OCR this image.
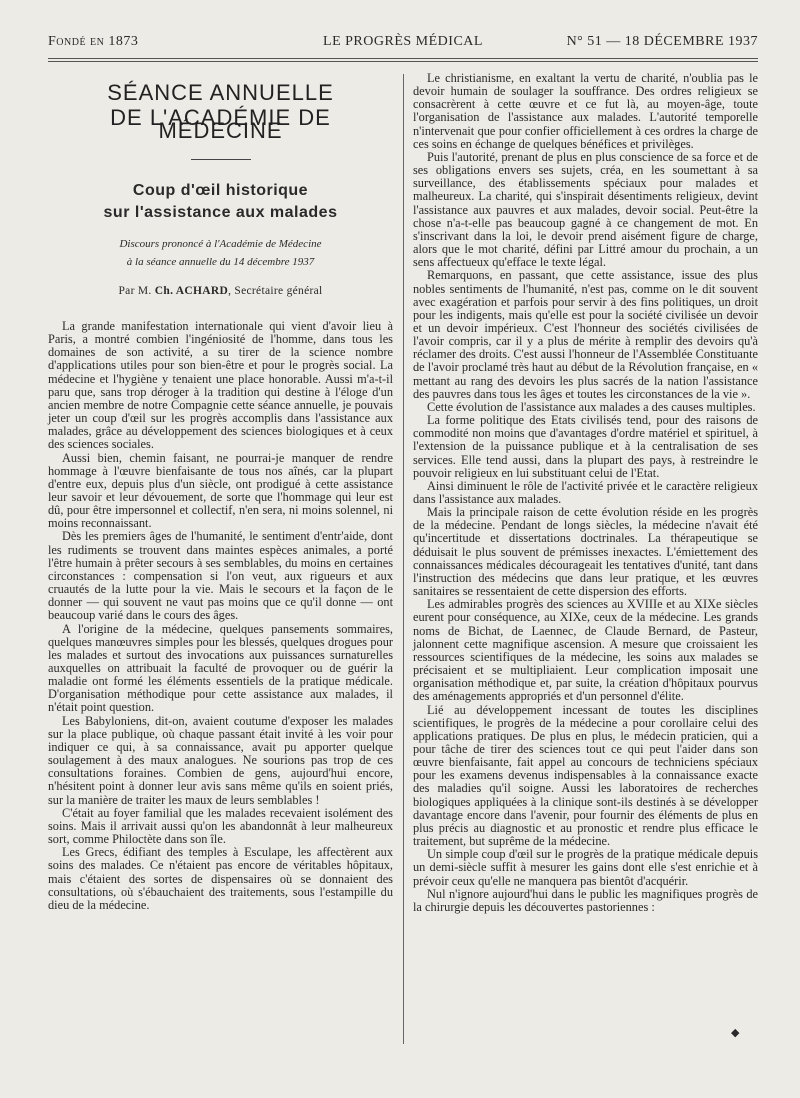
Fondé en 1873	LE PROGRÈS MÉDICAL	N° 51 — 18 DÉCEMBRE 1937
SÉANCE ANNUELLE
DE L'ACADÉMIE DE MÉDECINE
Coup d'œil historique
sur l'assistance aux malades
Discours prononcé à l'Académie de Médecine
à la séance annuelle du 14 décembre 1937
Par M. Ch. ACHARD, Secrétaire général

La grande manifestation internationale qui vient d'avoir lieu à Paris, a montré combien l'ingéniosité de l'homme, dans tous les domaines de son activité, a su tirer de la science nombre d'applications utiles pour son bien-être et pour le progrès social. La médecine et l'hygiène y tenaient une place honorable. Aussi m'a-t-il paru que, sans trop déroger à la tradition qui destine à l'éloge d'un ancien membre de notre Compagnie cette séance annuelle, je pouvais jeter un coup d'œil sur les progrès accomplis dans l'assistance aux malades, grâce au développement des sciences biologiques et à ceux des sciences sociales.

Aussi bien, chemin faisant, ne pourrai-je manquer de rendre hommage à l'œuvre bienfaisante de tous nos aînés, car la plupart d'entre eux, depuis plus d'un siècle, ont prodigué à cette assistance leur savoir et leur dévouement, de sorte que l'hommage qui leur est dû, pour être impersonnel et collectif, n'en sera, ni moins solennel, ni moins reconnaissant.

Dès les premiers âges de l'humanité, le sentiment d'entr'aide, dont les rudiments se trouvent dans maintes espèces animales, a porté l'être humain à prêter secours à ses semblables, du moins en certaines circonstances : compensation si l'on veut, aux rigueurs et aux cruautés de la lutte pour la vie. Mais le secours et la façon de le donner — qui souvent ne vaut pas moins que ce qu'il donne — ont beaucoup varié dans le cours des âges.

A l'origine de la médecine, quelques pansements sommaires, quelques manœuvres simples pour les blessés, quelques drogues pour les malades et surtout des invocations aux puissances surnaturelles auxquelles on attribuait la faculté de provoquer ou de guérir la maladie ont formé les éléments essentiels de la pratique médicale. D'organisation méthodique pour cette assistance aux malades, il n'était point question.

Les Babyloniens, dit-on, avaient coutume d'exposer les malades sur la place publique, où chaque passant était invité à les voir pour indiquer ce qui, à sa connaissance, avait pu apporter quelque soulagement à des maux analogues. Ne sourions pas trop de ces consultations foraines. Combien de gens, aujourd'hui encore, n'hésitent point à donner leur avis sans même qu'ils en soient priés, sur la manière de traiter les maux de leurs semblables !

C'était au foyer familial que les malades recevaient isolément des soins. Mais il arrivait aussi qu'on les abandonnât à leur malheureux sort, comme Philoctète dans son île.

Les Grecs, édifiant des temples à Esculape, les affectèrent aux soins des malades. Ce n'étaient pas encore de véritables hôpitaux, mais c'étaient des sortes de dispensaires où se donnaient des consultations, où s'ébauchaient des traitements, sous l'estampille du dieu de la médecine.

Le christianisme, en exaltant la vertu de charité, n'oublia pas le devoir humain de soulager la souffrance. Des ordres religieux se consacrèrent à cette œuvre et ce fut là, au moyen-âge, toute l'organisation de l'assistance aux malades. L'autorité temporelle n'intervenait que pour confier officiellement à ces ordres la charge de ces soins en échange de quelques bénéfices et privilèges.

Puis l'autorité, prenant de plus en plus conscience de sa force et de ses obligations envers ses sujets, créa, en les soumettant à sa surveillance, des établissements spéciaux pour malades et malheureux. La charité, qui s'inspirait désentiments religieux, devint l'assistance aux pauvres et aux malades, devoir social. Peut-être la chose n'a-t-elle pas beaucoup gagné à ce changement de mot. En s'inscrivant dans la loi, le devoir prend aisément figure de charge, alors que le mot charité, défini par Littré amour du prochain, a un sens affectueux qu'efface le texte légal.

Remarquons, en passant, que cette assistance, issue des plus nobles sentiments de l'humanité, n'est pas, comme on le dit souvent avec exagération et parfois pour servir à des fins politiques, un droit pour les indigents, mais qu'elle est pour la société civilisée un devoir et un devoir impérieux. C'est l'honneur des sociétés civilisées de l'avoir compris, car il y a plus de mérite à remplir des devoirs qu'à réclamer des droits. C'est aussi l'honneur de l'Assemblée Constituante de l'avoir proclamé très haut au début de la Révolution française, en « mettant au rang des devoirs les plus sacrés de la nation l'assistance des pauvres dans tous les âges et toutes les circonstances de la vie ».

Cette évolution de l'assistance aux malades a des causes multiples.

La forme politique des Etats civilisés tend, pour des raisons de commodité non moins que d'avantages d'ordre matériel et spirituel, à l'extension de la puissance publique et à la centralisation de ses services. Elle tend aussi, dans la plupart des pays, à restreindre le pouvoir religieux en lui substituant celui de l'Etat.

Ainsi diminuent le rôle de l'activité privée et le caractère religieux dans l'assistance aux malades.

Mais la principale raison de cette évolution réside en les progrès de la médecine. Pendant de longs siècles, la médecine n'avait été qu'incertitude et dissertations doctrinales. La thérapeutique se déduisait le plus souvent de prémisses inexactes. L'émiettement des connaissances médicales décourageait les tentatives d'unité, tant dans l'instruction des médecins que dans leur pratique, et les œuvres sanitaires se ressentaient de cette dispersion des efforts.

Les admirables progrès des sciences au XVIIIe et au XIXe siècles eurent pour conséquence, au XIXe, ceux de la médecine. Les grands noms de Bichat, de Laennec, de Claude Bernard, de Pasteur, jalonnent cette magnifique ascension. A mesure que croissaient les ressources scientifiques de la médecine, les soins aux malades se précisaient et se multipliaient. Leur complication imposait une organisation méthodique et, par suite, la création d'hôpitaux pourvus des aménagements appropriés et d'un personnel d'élite.

Lié au développement incessant de toutes les disciplines scientifiques, le progrès de la médecine a pour corollaire celui des applications pratiques. De plus en plus, le médecin praticien, qui a pour tâche de tirer des sciences tout ce qui peut l'aider dans son œuvre bienfaisante, fait appel au concours de techniciens spéciaux pour les examens devenus indispensables à la connaissance exacte des maladies qu'il soigne. Aussi les laboratoires de recherches biologiques appliquées à la clinique sont-ils destinés à se développer davantage encore dans l'avenir, pour fournir des éléments de plus en plus précis au diagnostic et au pronostic et rendre plus efficace le traitement, but suprême de la médecine.

Un simple coup d'œil sur le progrès de la pratique médicale depuis un demi-siècle suffit à mesurer les gains dont elle s'est enrichie et à prévoir ceux qu'elle ne manquera pas bientôt d'acquérir.

Nul n'ignore aujourd'hui dans le public les magnifiques progrès de la chirurgie depuis les découvertes pastoriennes :

◆
